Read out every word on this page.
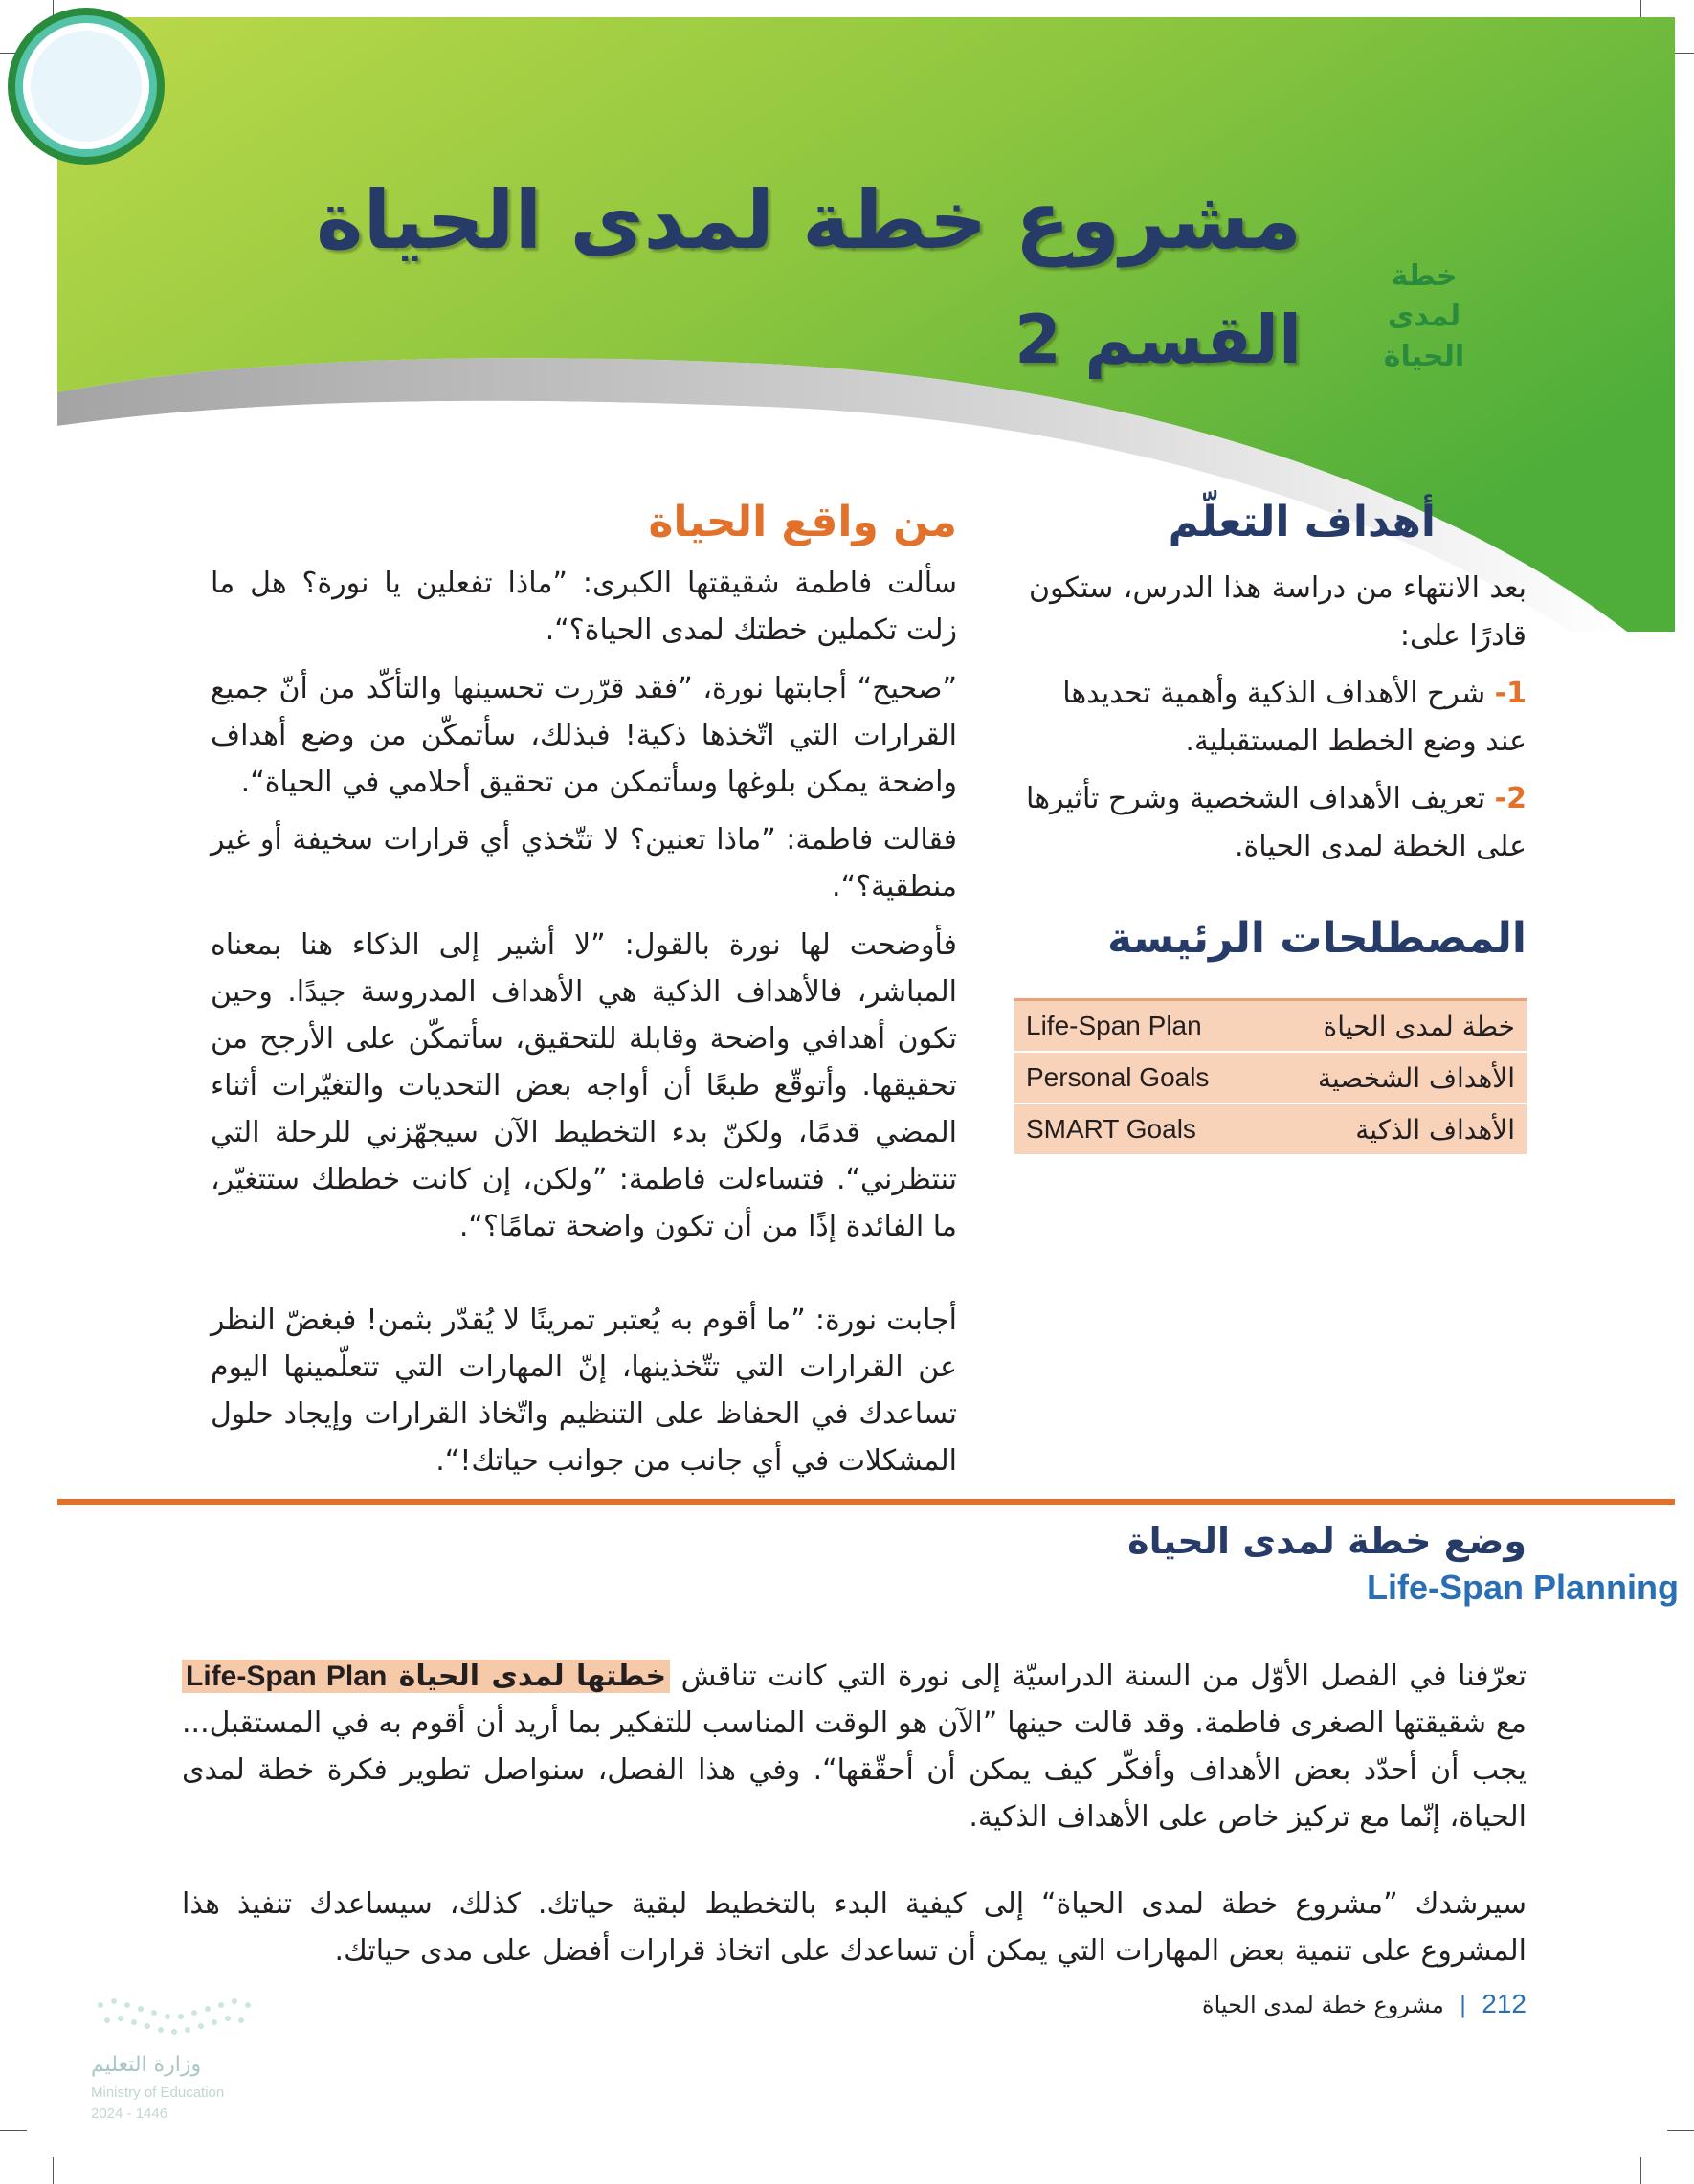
خطة لمدى الحياة
مشروع خطة لمدى الحياة
القسم 2
أهداف التعلّم

بعد الانتهاء من دراسة هذا الدرس، ستكون قادرًا على:

1- شرح الأهداف الذكية وأهمية تحديدها عند وضع الخطط المستقبلية.
2- تعريف الأهداف الشخصية وشرح تأثيرها على الخطة لمدى الحياة.
المصطلحات الرئيسة
خطة لمدى الحياة	Life-Span Plan
الأهداف الشخصية	Personal Goals
الأهداف الذكية	SMART Goals
من واقع الحياة

سألت فاطمة شقيقتها الكبرى: ”ماذا تفعلين يا نورة؟ هل ما زلت تكملين خطتك لمدى الحياة؟“.

”صحيح“ أجابتها نورة، ”فقد قرّرت تحسينها والتأكّد من أنّ جميع القرارات التي اتّخذها ذكية! فبذلك، سأتمكّن من وضع أهداف واضحة يمكن بلوغها وسأتمكن من تحقيق أحلامي في الحياة“.

فقالت فاطمة: ”ماذا تعنين؟ لا تتّخذي أي قرارات سخيفة أو غير منطقية؟“.

فأوضحت لها نورة بالقول: ”لا أشير إلى الذكاء هنا بمعناه المباشر، فالأهداف الذكية هي الأهداف المدروسة جيدًا. وحين تكون أهدافي واضحة وقابلة للتحقيق، سأتمكّن على الأرجح من تحقيقها. وأتوقّع طبعًا أن أواجه بعض التحديات والتغيّرات أثناء المضي قدمًا، ولكنّ بدء التخطيط الآن سيجهّزني للرحلة التي تنتظرني“. فتساءلت فاطمة: ”ولكن، إن كانت خططك ستتغيّر، ما الفائدة إذًا من أن تكون واضحة تمامًا؟“.

أجابت نورة: ”ما أقوم به يُعتبر تمرينًا لا يُقدّر بثمن! فبغضّ النظر عن القرارات التي تتّخذينها، إنّ المهارات التي تتعلّمينها اليوم تساعدك في الحفاظ على التنظيم واتّخاذ القرارات وإيجاد حلول المشكلات في أي جانب من جوانب حياتك!“.

وضع خطة لمدى الحياة
Life-Span Planning

تعرّفنا في الفصل الأوّل من السنة الدراسيّة إلى نورة التي كانت تناقش خطتها لمدى الحياة Life-Span Plan مع شقيقتها الصغرى فاطمة. وقد قالت حينها ”الآن هو الوقت المناسب للتفكير بما أريد أن أقوم به في المستقبل... يجب أن أحدّد بعض الأهداف وأفكّر كيف يمكن أن أحقّقها“. وفي هذا الفصل، سنواصل تطوير فكرة خطة لمدى الحياة، إنّما مع تركيز خاص على الأهداف الذكية.

سيرشدك ”مشروع خطة لمدى الحياة“ إلى كيفية البدء بالتخطيط لبقية حياتك. كذلك، سيساعدك تنفيذ هذا المشروع على تنمية بعض المهارات التي يمكن أن تساعدك على اتخاذ قرارات أفضل على مدى حياتك.

212 | مشروع خطة لمدى الحياة
وزارة التعليم
Ministry of Education
2024 - 1446
